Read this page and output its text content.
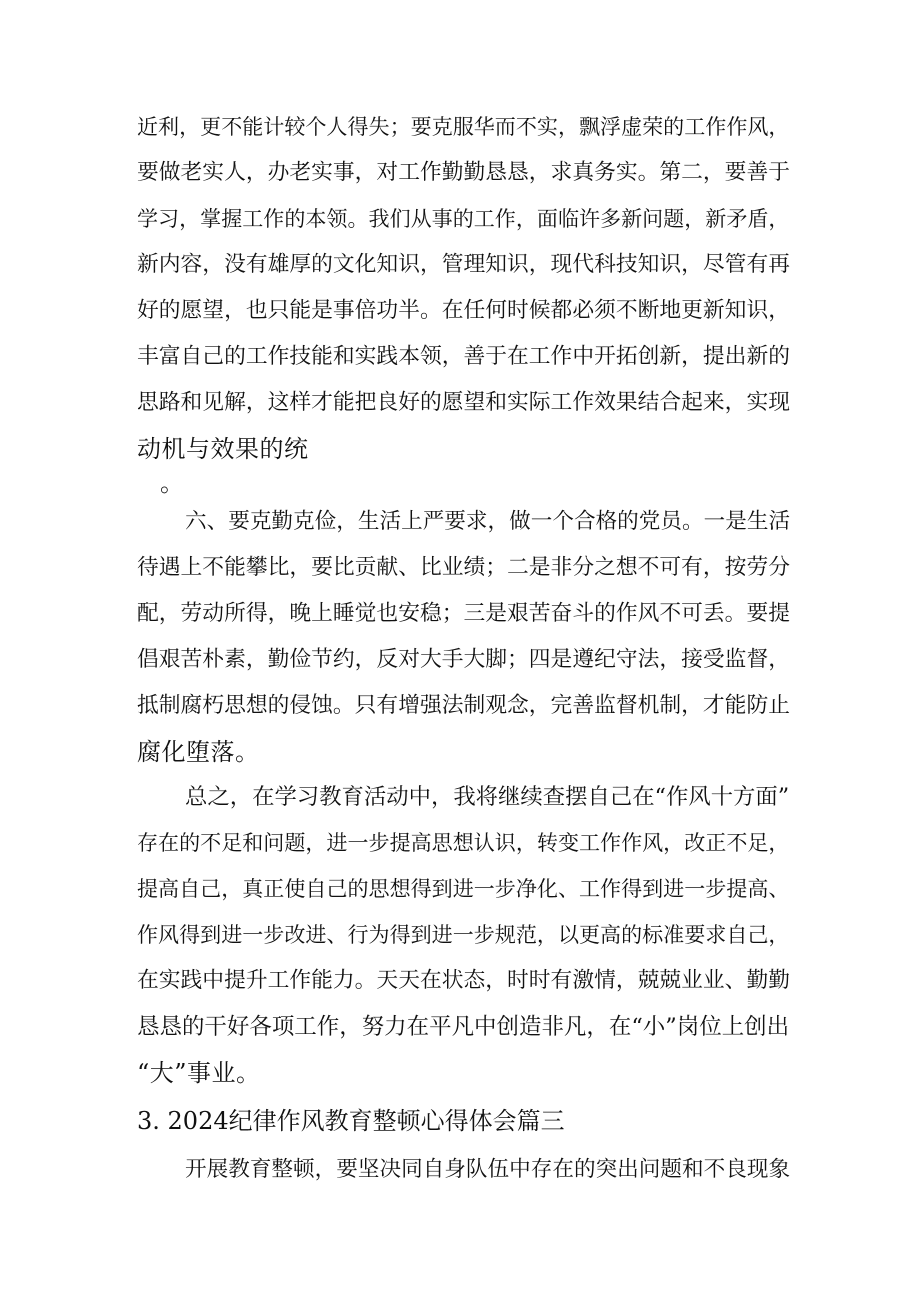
近利，更不能计较个人得失；要克服华而不实，飘浮虚荣的工作作风，
要做老实人，办老实事，对工作勤勤恳恳，求真务实。第二，要善于
学习，掌握工作的本领。我们从事的工作，面临许多新问题，新矛盾，
新内容，没有雄厚的文化知识，管理知识，现代科技知识，尽管有再
好的愿望，也只能是事倍功半。在任何时候都必须不断地更新知识，
丰富自己的工作技能和实践本领，善于在工作中开拓创新，提出新的
思路和见解，这样才能把良好的愿望和实际工作效果结合起来，实现
动机与效果的统
。
六、要克勤克俭，生活上严要求，做一个合格的党员。一是生活
待遇上不能攀比，要比贡献、比业绩；二是非分之想不可有，按劳分
配，劳动所得，晚上睡觉也安稳；三是艰苦奋斗的作风不可丢。要提
倡艰苦朴素，勤俭节约，反对大手大脚；四是遵纪守法，接受监督，
抵制腐朽思想的侵蚀。只有增强法制观念，完善监督机制，才能防止
腐化堕落。
总之，在学习教育活动中，我将继续查摆自己在“作风十方面”
存在的不足和问题，进一步提高思想认识，转变工作作风，改正不足，
提高自己，真正使自己的思想得到进一步净化、工作得到进一步提高、
作风得到进一步改进、行为得到进一步规范，以更高的标准要求自己，
在实践中提升工作能力。天天在状态，时时有激情，兢兢业业、勤勤
恳恳的干好各项工作，努力在平凡中创造非凡，在“小”岗位上创出
“大”事业。
3. 2024纪律作风教育整顿心得体会篇三
开展教育整顿，要坚决同自身队伍中存在的突出问题和不良现象
